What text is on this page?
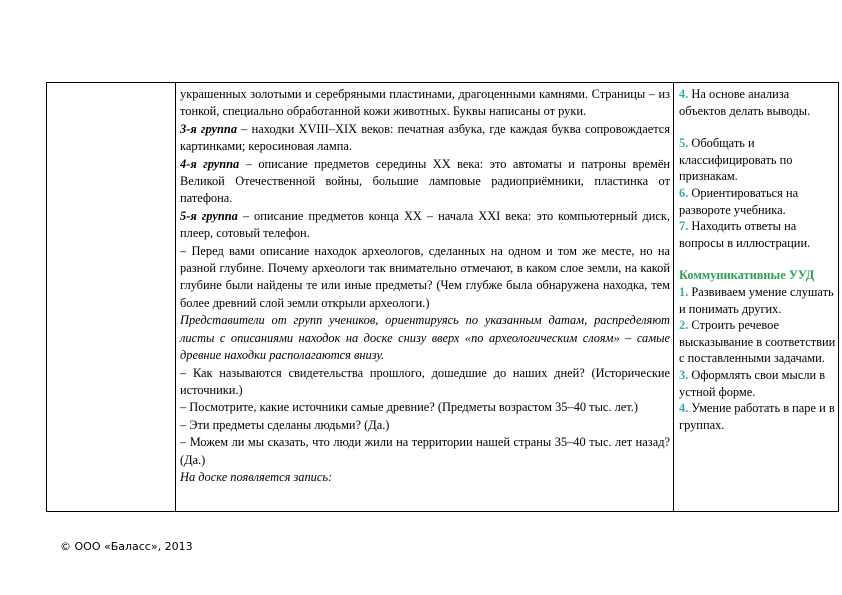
украшенных золотыми и серебряными пластинами, драгоценными камнями. Страницы – из тонкой, специально обработанной кожи животных. Буквы написаны от руки.

3-я группа – находки XVIII–XIX веков: печатная азбука, где каждая буква сопровождается картинками; керосиновая лампа.

4-я группа – описание предметов середины XX века: это автоматы и патроны времён Великой Отечественной войны, большие ламповые радиоприёмники, пластинка от патефона.

5-я группа – описание предметов конца XX – начала XXI века: это компьютерный диск, плеер, сотовый телефон.

– Перед вами описание находок археологов, сделанных на одном и том же месте, но на разной глубине. Почему археологи так внимательно отмечают, в каком слое земли, на какой глубине были найдены те или иные предметы? (Чем глубже была обнаружена находка, тем более древний слой земли открыли археологи.)

Представители от групп учеников, ориентируясь по указанным датам, распределяют листы с описаниями находок на доске снизу вверх «по археологическим слоям» – самые древние находки располагаются внизу.

– Как называются свидетельства прошлого, дошедшие до наших дней? (Исторические источники.)

– Посмотрите, какие источники самые древние? (Предметы возрастом 35–40 тыс. лет.)

– Эти предметы сделаны людьми? (Да.)

– Можем ли мы сказать, что люди жили на территории нашей страны 35–40 тыс. лет назад? (Да.)

На доске появляется запись:

4. На основе анализа объектов делать выводы.

5. Обобщать и классифицировать по признакам.

6. Ориентироваться на развороте учебника.

7. Находить ответы на вопросы в иллюстрации.

Коммуникативные УУД

1. Развиваем умение слушать и понимать других.

2. Строить речевое высказывание в соответствии с поставленными задачами.

3. Оформлять свои мысли в устной форме.

4. Умение работать в паре и в группах.

© ООО «Баласс», 2013
